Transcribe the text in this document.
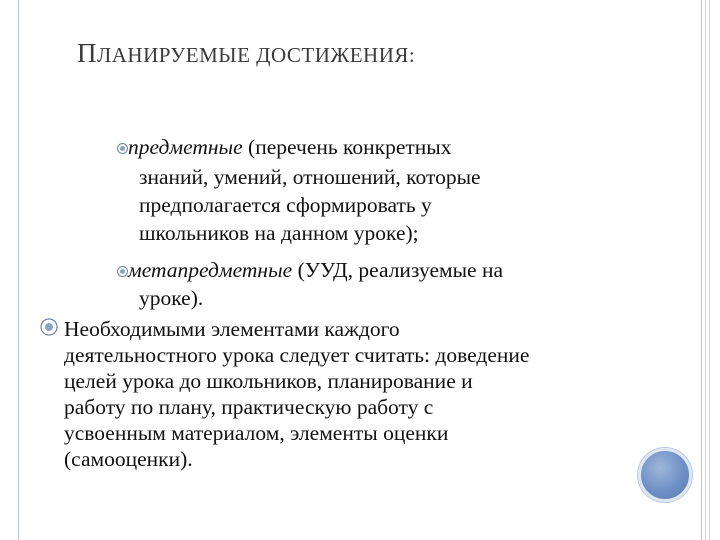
ПЛАНИРУЕМЫЕ ДОСТИЖЕНИЯ:
предметные (перечень конкретных
знаний, умений, отношений, которые
предполагается сформировать у
школьников на данном уроке);
метапредметные (УУД, реализуемые на
уроке).
Необходимыми элементами каждого
деятельностного урока следует считать: доведение
целей урока до школьников, планирование и
работу по плану, практическую работу с
усвоенным материалом, элементы оценки
(самооценки).
